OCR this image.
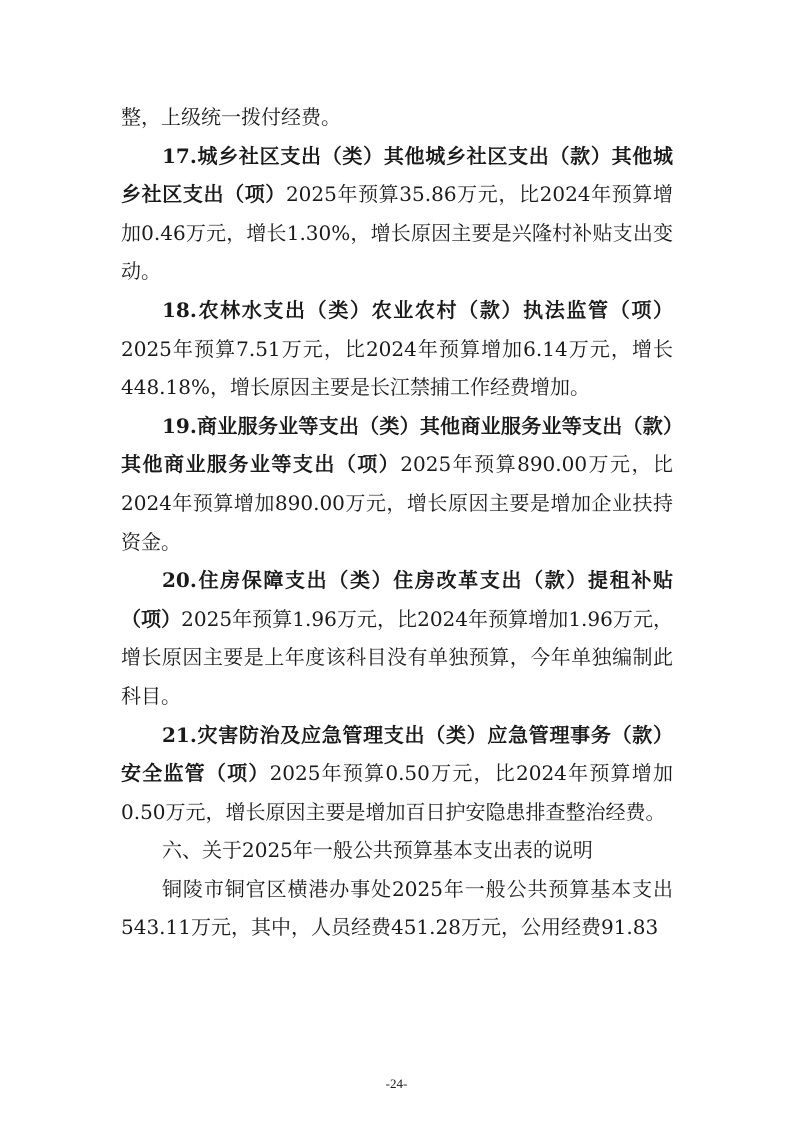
整，上级统一拨付经费。

17.城乡社区支出（类）其他城乡社区支出（款）其他城乡社区支出（项）2025年预算35.86万元，比2024年预算增加0.46万元，增长1.30%，增长原因主要是兴隆村补贴支出变动。

18.农林水支出（类）农业农村（款）执法监管（项）2025年预算7.51万元，比2024年预算增加6.14万元，增长448.18%，增长原因主要是长江禁捕工作经费增加。

19.商业服务业等支出（类）其他商业服务业等支出（款）其他商业服务业等支出（项）2025年预算890.00万元，比2024年预算增加890.00万元，增长原因主要是增加企业扶持资金。

20.住房保障支出（类）住房改革支出（款）提租补贴（项）2025年预算1.96万元，比2024年预算增加1.96万元，增长原因主要是上年度该科目没有单独预算，今年单独编制此科目。

21.灾害防治及应急管理支出（类）应急管理事务（款）安全监管（项）2025年预算0.50万元，比2024年预算增加0.50万元，增长原因主要是增加百日护安隐患排查整治经费。

六、关于2025年一般公共预算基本支出表的说明

铜陵市铜官区横港办事处2025年一般公共预算基本支出543.11万元，其中，人员经费451.28万元，公用经费91.83

-24-
